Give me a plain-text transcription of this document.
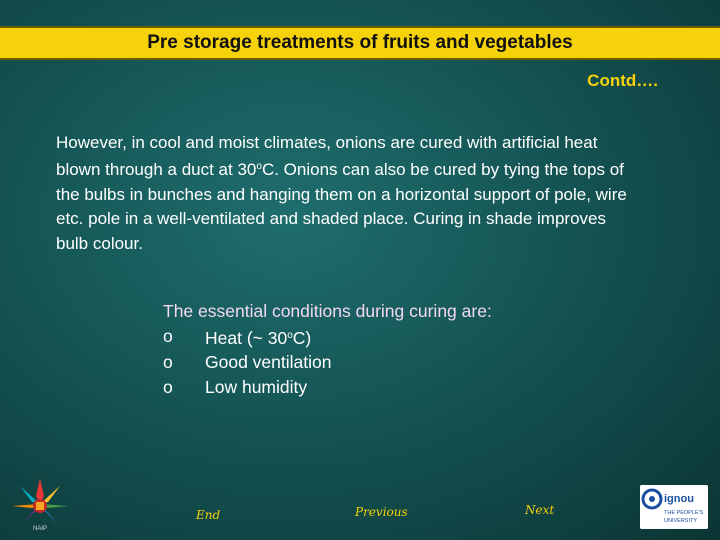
Pre storage treatments of fruits and vegetables
Contd….
However, in cool and moist climates, onions are cured with artificial heat blown through a duct at 30$^o$C. Onions can also be cured by tying the tops of the bulbs in bunches and hanging them on a horizontal support of pole, wire etc. pole in a well-ventilated and shaded place. Curing in shade improves bulb colour.
The essential conditions during curing are:
o	Heat (~ 30$^o$C)
o	Good ventilation
o	Low humidity
End	Previous	Next
NAIP
ignou
THE PEOPLE'S
UNIVERSITY
